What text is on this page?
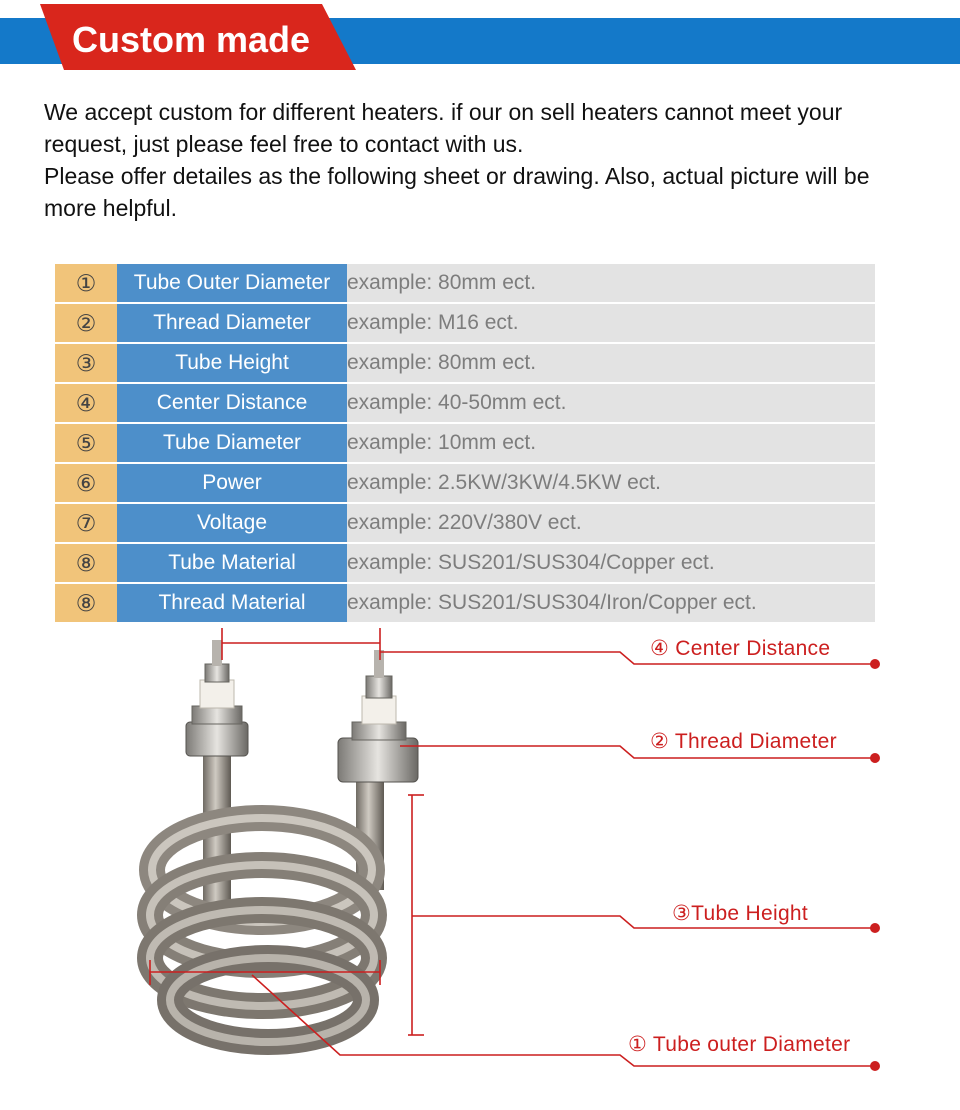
Custom made

We accept custom for different heaters. if our on sell heaters cannot meet your request, just please feel free to contact with us.

Please offer detailes as the following sheet or drawing. Also, actual picture will be more helpful.

①	Tube Outer Diameter	example: 80mm ect.
②	Thread Diameter	example: M16 ect.
③	Tube Height	example: 80mm ect.
④	Center Distance	example: 40-50mm ect.
⑤	Tube Diameter	example: 10mm ect.
⑥	Power	example: 2.5KW/3KW/4.5KW ect.
⑦	Voltage	example: 220V/380V ect.
⑧	Tube Material	example: SUS201/SUS304/Copper ect.
⑧	Thread Material	example: SUS201/SUS304/Iron/Copper ect.
④ Center Distance
② Thread Diameter
③Tube Height
① Tube outer Diameter
